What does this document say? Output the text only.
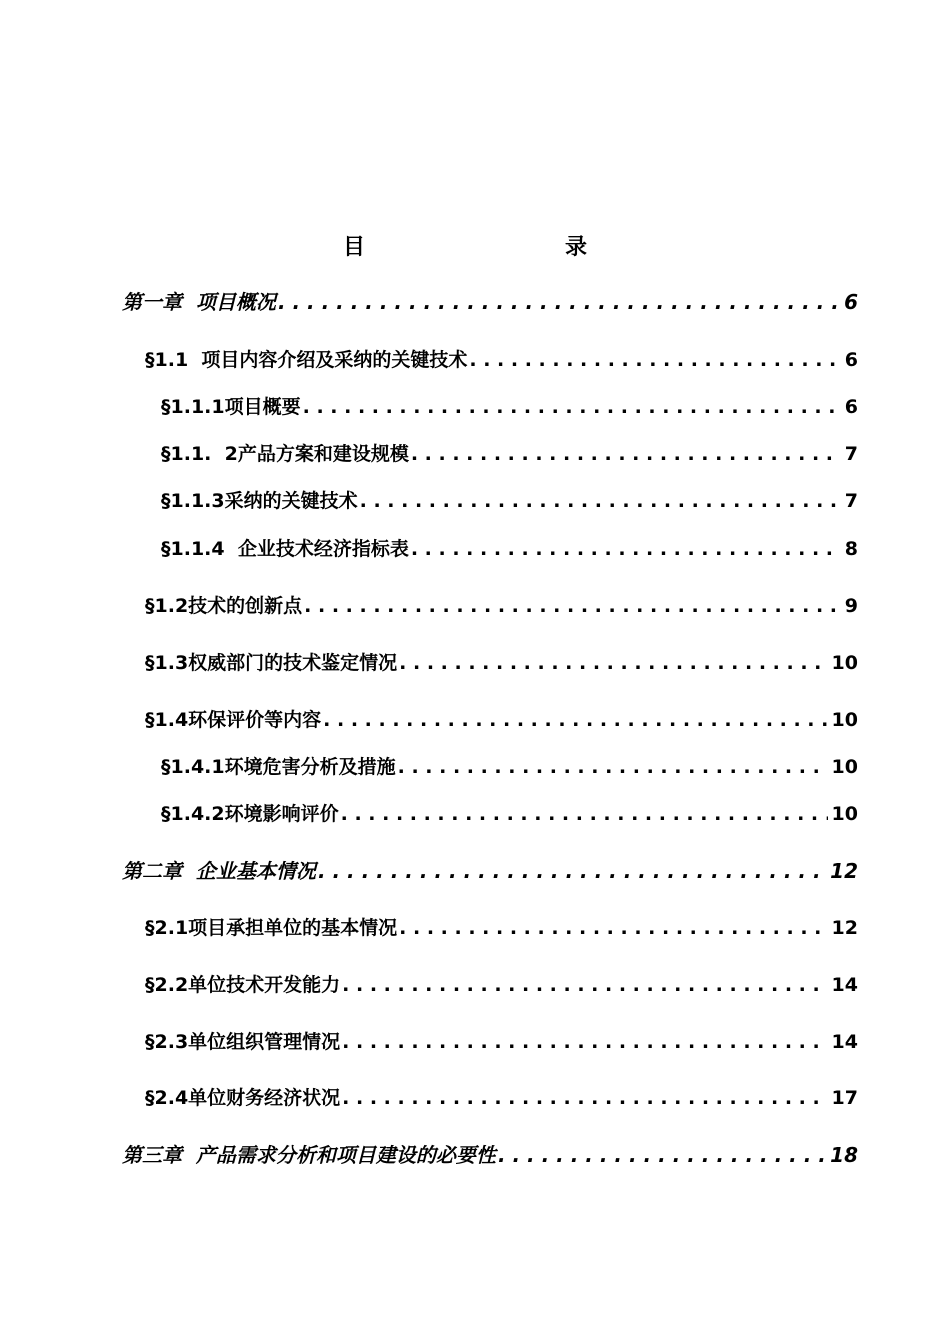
目　　录
第一章  项目概况 . . .	6
§1.1  项目内容介绍及采纳的关键技术 . . .	6
§1.1.1项目概要 . . .	6
§1.1.  2产品方案和建设规模 . . .	7
§1.1.3采纳的关键技术 . . .	7
§1.1.4  企业技术经济指标表 . . .	8
§1.2技术的创新点 . . .	9
§1.3权威部门的技术鉴定情况 . . .	10
§1.4环保评价等内容 . . .	10
§1.4.1环境危害分析及措施 . . .	10
§1.4.2环境影响评价 . . .	10
第二章  企业基本情况 . . .	12
§2.1项目承担单位的基本情况 . . .	12
§2.2单位技术开发能力 . . .	14
§2.3单位组织管理情况 . . .	14
§2.4单位财务经济状况 . . .	17
第三章  产品需求分析和项目建设的必要性 . . .	18
